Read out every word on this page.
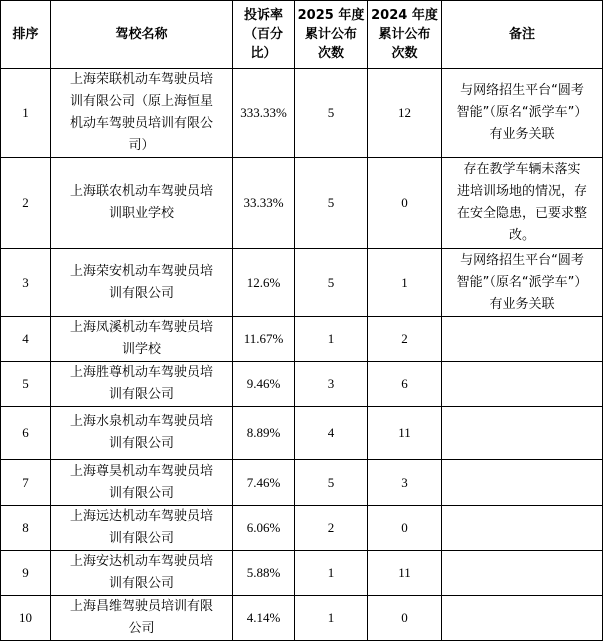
排序	驾校名称	投诉率
（百分
比）	2025 年度
累计公布
次数	2024 年度
累计公布
次数	备注
1	上海荣联机动车驾驶员培
训有限公司（原上海恒星
机动车驾驶员培训有限公
司）	333.33%	5	12	与网络招生平台“圆考
智能”（原名“派学车”）
有业务关联

2	上海联农机动车驾驶员培
训职业学校	33.33%	5	0	存在教学车辆未落实
进培训场地的情况，存
在安全隐患，已要求整
改。

3	上海荣安机动车驾驶员培
训有限公司	12.6%	5	1	与网络招生平台“圆考
智能”（原名“派学车”）
有业务关联

4	上海凤溪机动车驾驶员培
训学校	11.67%	1	2	
5	上海胜尊机动车驾驶员培
训有限公司	9.46%	3	6	
6	上海水泉机动车驾驶员培
训有限公司	8.89%	4	11	
7	上海尊昊机动车驾驶员培
训有限公司	7.46%	5	3	
8	上海远达机动车驾驶员培
训有限公司	6.06%	2	0	
9	上海安达机动车驾驶员培
训有限公司	5.88%	1	11	
10	上海昌维驾驶员培训有限
公司	4.14%	1	0	
